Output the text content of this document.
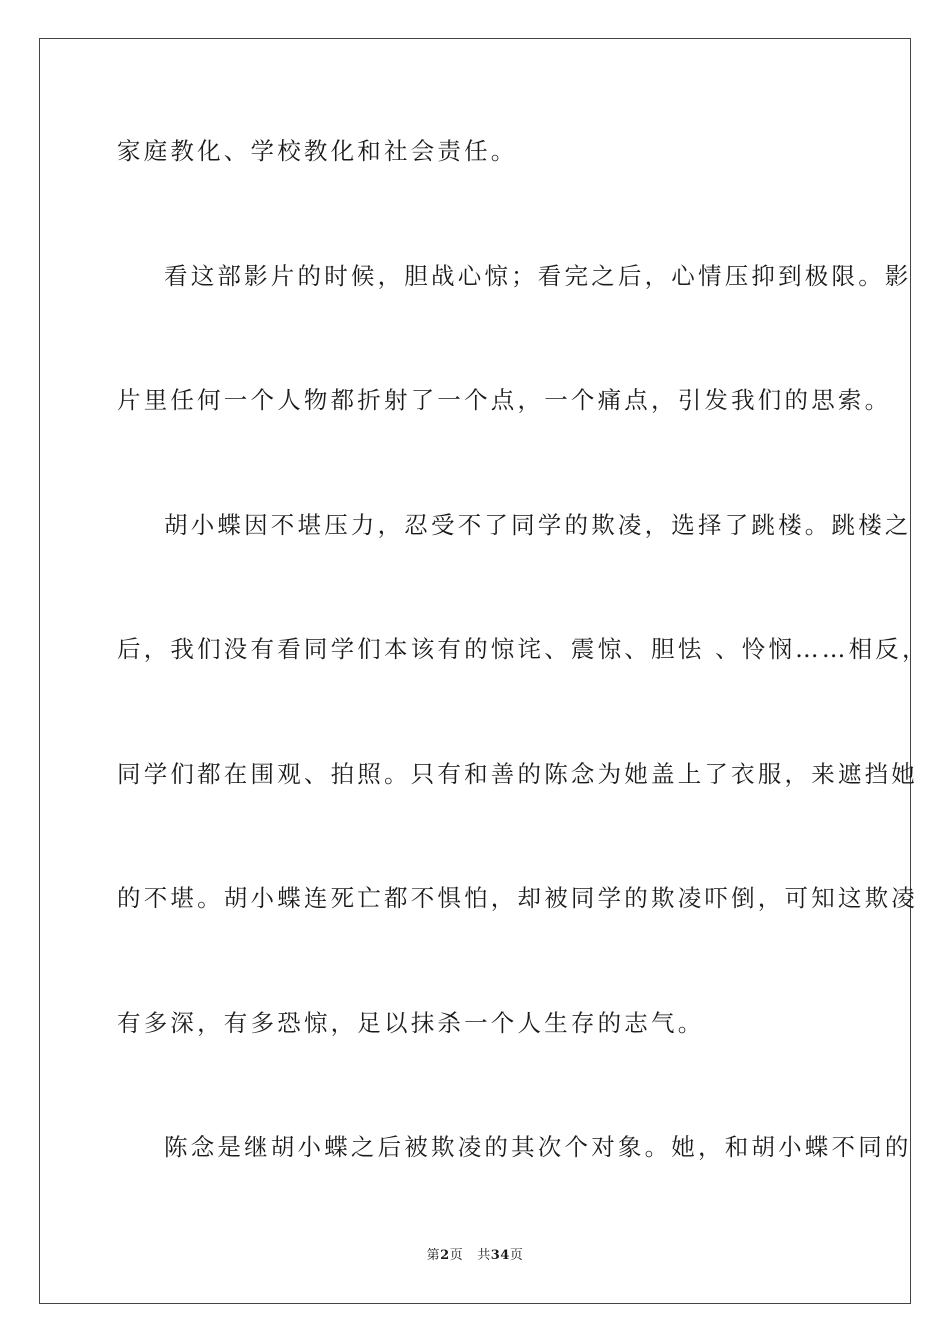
家庭教化、学校教化和社会责任。
看这部影片的时候，胆战心惊；看完之后，心情压抑到极限。影
片里任何一个人物都折射了一个点，一个痛点，引发我们的思索。
胡小蝶因不堪压力，忍受不了同学的欺凌，选择了跳楼。跳楼之
后，我们没有看同学们本该有的惊诧、震惊、胆怯 、怜悯……相反，
同学们都在围观、拍照。只有和善的陈念为她盖上了衣服，来遮挡她
的不堪。胡小蝶连死亡都不惧怕，却被同学的欺凌吓倒，可知这欺凌
有多深，有多恐惊，足以抹杀一个人生存的志气。
陈念是继胡小蝶之后被欺凌的其次个对象。她，和胡小蝶不同的
第2页 共34页
